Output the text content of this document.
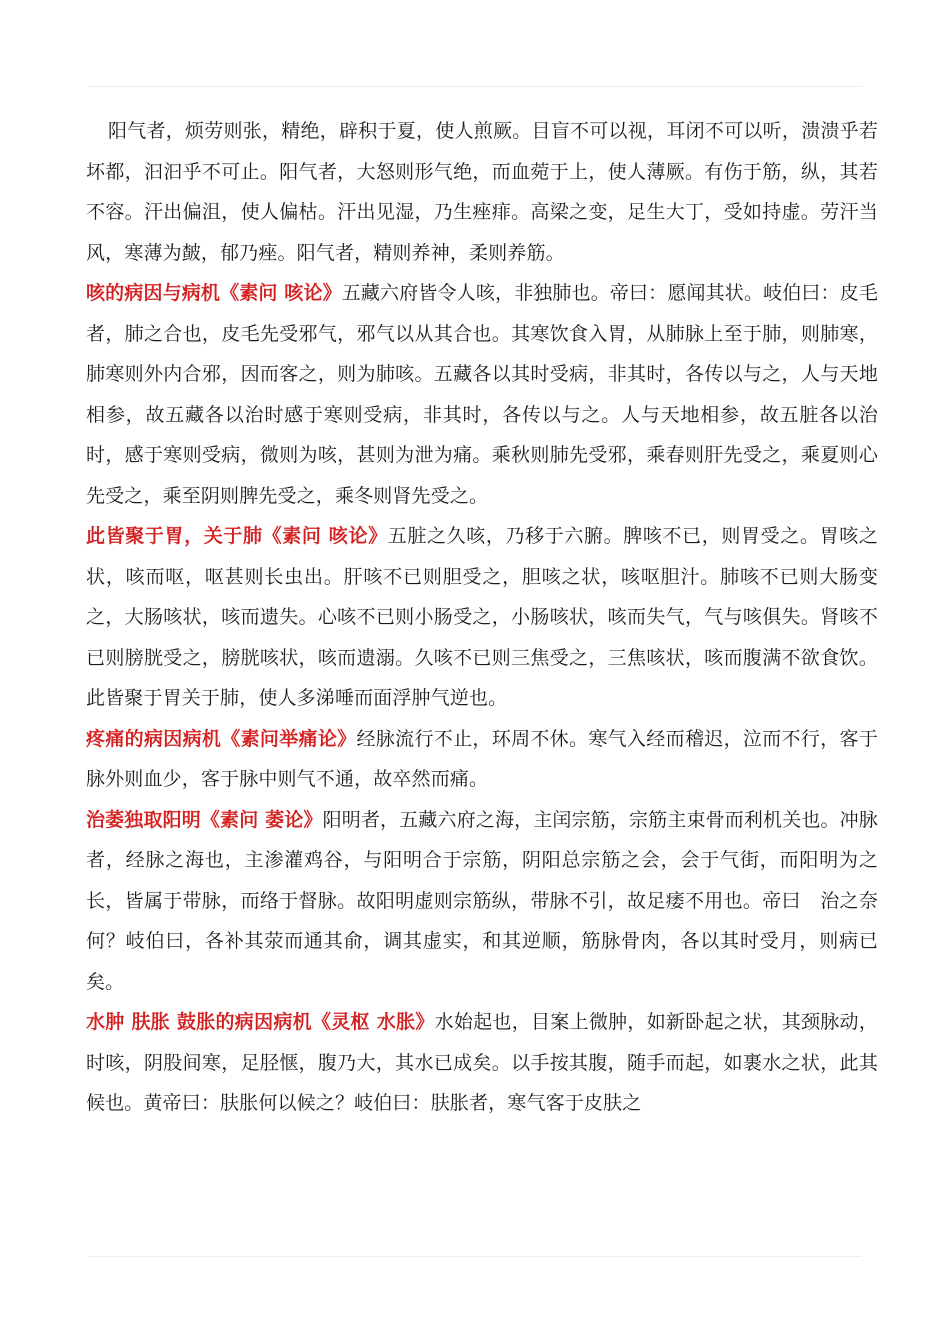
阳气者，烦劳则张，精绝，辟积于夏，使人煎厥。目盲不可以视，耳闭不可以听，溃溃乎若坏都，汩汩乎不可止。阳气者，大怒则形气绝，而血菀于上，使人薄厥。有伤于筋，纵，其若不容。汗出偏沮，使人偏枯。汗出见湿，乃生痤痱。高梁之变，足生大丁，受如持虚。劳汗当风，寒薄为皶，郁乃痤。阳气者，精则养神，柔则养筋。

咳的病因与病机《素问 咳论》五藏六府皆令人咳，非独肺也。帝曰：愿闻其状。岐伯曰：皮毛者，肺之合也，皮毛先受邪气，邪气以从其合也。其寒饮食入胃，从肺脉上至于肺，则肺寒，肺寒则外内合邪，因而客之，则为肺咳。五藏各以其时受病，非其时，各传以与之，人与天地相参，故五藏各以治时感于寒则受病，非其时，各传以与之。人与天地相参，故五脏各以治时，感于寒则受病，微则为咳，甚则为泄为痛。乘秋则肺先受邪，乘春则肝先受之，乘夏则心先受之，乘至阴则脾先受之，乘冬则肾先受之。

此皆聚于胃，关于肺《素问 咳论》五脏之久咳，乃移于六腑。脾咳不已，则胃受之。胃咳之状，咳而呕，呕甚则长虫出。肝咳不已则胆受之，胆咳之状，咳呕胆汁。肺咳不已则大肠变之，大肠咳状，咳而遗失。心咳不已则小肠受之，小肠咳状，咳而失气，气与咳俱失。肾咳不已则膀胱受之，膀胱咳状，咳而遗溺。久咳不已则三焦受之，三焦咳状，咳而腹满不欲食饮。此皆聚于胃关于肺，使人多涕唾而面浮肿气逆也。

疼痛的病因病机《素问举痛论》经脉流行不止，环周不休。寒气入经而稽迟，泣而不行，客于脉外则血少，客于脉中则气不通，故卒然而痛。

治萎独取阳明《素问 萎论》阳明者，五藏六府之海，主闰宗筋，宗筋主束骨而利机关也。冲脉者，经脉之海也，主渗灌鸡谷，与阳明合于宗筋，阴阳总宗筋之会，会于气街，而阳明为之长，皆属于带脉，而络于督脉。故阳明虚则宗筋纵，带脉不引，故足痿不用也。帝曰　治之奈何？岐伯曰，各补其荥而通其俞，调其虚实，和其逆顺，筋脉骨肉，各以其时受月，则病已矣。

水肿 肤胀 鼓胀的病因病机《灵枢 水胀》水始起也，目案上微肿，如新卧起之状，其颈脉动，时咳，阴股间寒，足胫惬，腹乃大，其水已成矣。以手按其腹，随手而起，如裹水之状，此其候也。黄帝曰：肤胀何以候之？岐伯曰：肤胀者，寒气客于皮肤之
